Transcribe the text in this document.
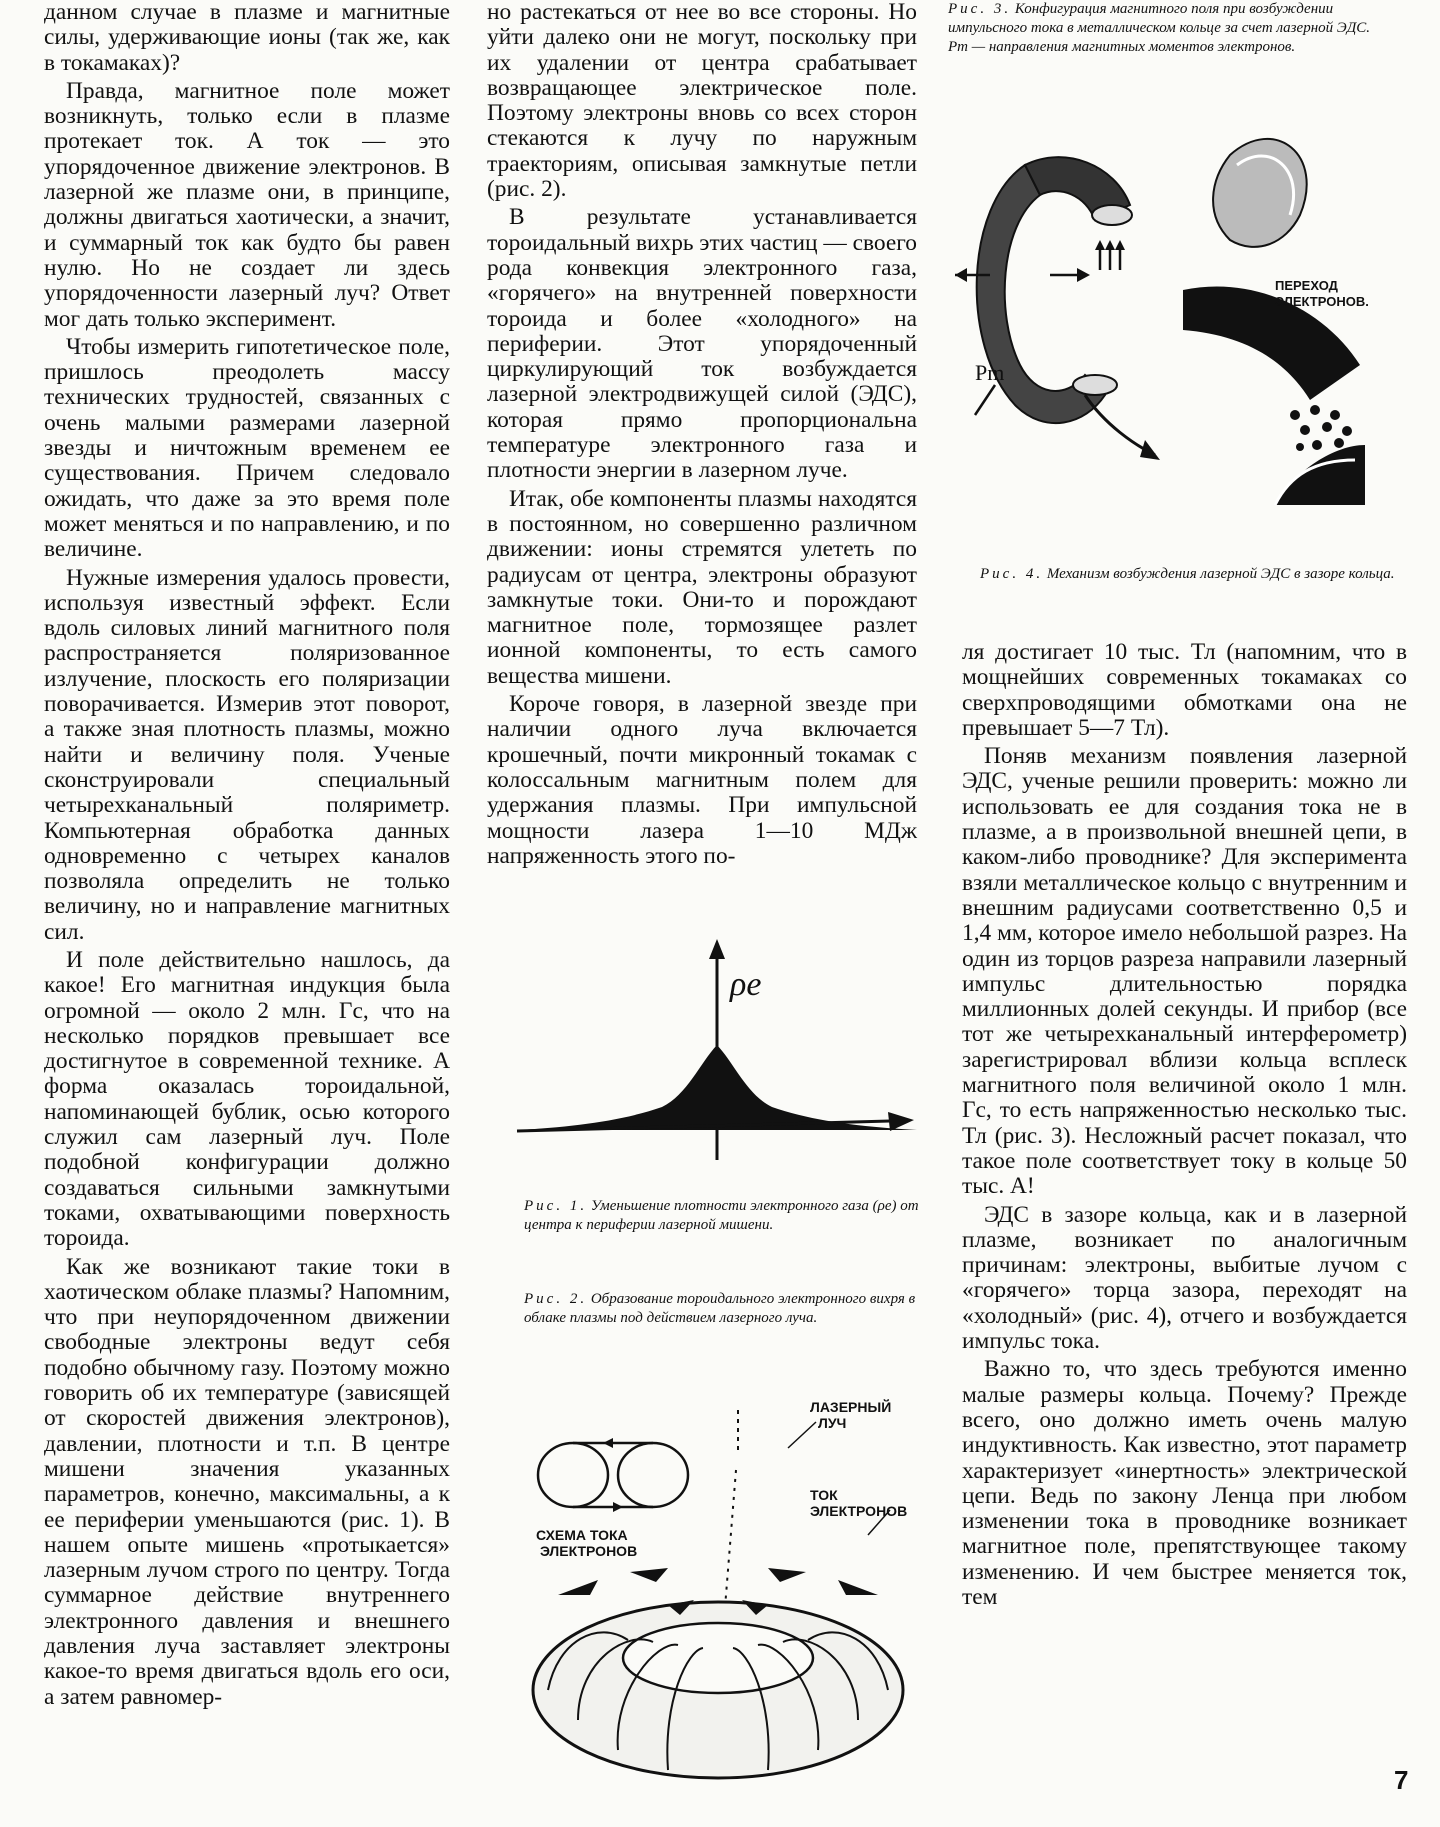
данном случае в плазме и магнитные силы, удерживающие ионы (так же, как в токамаках)?

Правда, магнитное поле может возникнуть, только если в плазме протекает ток. А ток — это упорядоченное движение электронов. В лазерной же плазме они, в принципе, должны двигаться хаотически, а значит, и суммарный ток как будто бы равен нулю. Но не создает ли здесь упорядоченности лазерный луч? Ответ мог дать только эксперимент.

Чтобы измерить гипотетическое поле, пришлось преодолеть массу технических трудностей, связанных с очень малыми размерами лазерной звезды и ничтожным временем ее существования. Причем следовало ожидать, что даже за это время поле может меняться и по направлению, и по величине.

Нужные измерения удалось провести, используя известный эффект. Если вдоль силовых линий магнитного поля распространяется поляризованное излучение, плоскость его поляризации поворачивается. Измерив этот поворот, а также зная плотность плазмы, можно найти и величину поля. Ученые сконструировали специальный четырехканальный поляриметр. Компьютерная обработка данных одновременно с четырех каналов позволяла определить не только величину, но и направление магнитных сил.

И поле действительно нашлось, да какое! Его магнитная индукция была огромной — около 2 млн. Гс, что на несколько порядков превышает все достигнутое в современной технике. А форма оказалась тороидальной, напоминающей бублик, осью которого служил сам лазерный луч. Поле подобной конфигурации должно создаваться сильными замкнутыми токами, охватывающими поверхность тороида.

Как же возникают такие токи в хаотическом облаке плазмы? Напомним, что при неупорядоченном движении свободные электроны ведут себя подобно обычному газу. Поэтому можно говорить об их температуре (зависящей от скоростей движения электронов), давлении, плотности и т.п. В центре мишени значения указанных параметров, конечно, максимальны, а к ее периферии уменьшаются (рис. 1). В нашем опыте мишень «протыкается» лазерным лучом строго по центру. Тогда суммарное действие внутреннего электронного давления и внешнего давления луча заставляет электроны какое-то время двигаться вдоль его оси, а затем равномер-

но растекаться от нее во все стороны. Но уйти далеко они не могут, поскольку при их удалении от центра срабатывает возвращающее электрическое поле. Поэтому электроны вновь со всех сторон стекаются к лучу по наружным траекториям, описывая замкнутые петли (рис. 2).

В результате устанавливается тороидальный вихрь этих частиц — своего рода конвекция электронного газа, «горячего» на внутренней поверхности тороида и более «холодного» на периферии. Этот упорядоченный циркулирующий ток возбуждается лазерной электродвижущей силой (ЭДС), которая прямо пропорциональна температуре электронного газа и плотности энергии в лазерном луче.

Итак, обе компоненты плазмы находятся в постоянном, но совершенно различном движении: ионы стремятся улететь по радиусам от центра, электроны образуют замкнутые токи. Они-то и порождают магнитное поле, тормозящее разлет ионной компоненты, то есть самого вещества мишени.

Короче говоря, в лазерной звезде при наличии одного луча включается крошечный, почти микронный токамак с колоссальным магнитным полем для удержания плазмы. При импульсной мощности лазера 1—10 МДж напряженность этого по-

ρе
Рис. 1. Уменьшение плотности электронного газа (ρe) от центра к периферии лазерной мишени.
Рис. 2. Образование тороидального электронного вихря в облаке плазмы под действием лазерного луча.
СХЕМА ТОКА
ЭЛЕКТРОНОВ
ЛАЗЕРНЫЙ
ЛУЧ
ТОК
ЭЛЕКТРОНОВ
Рис. 3. Конфигурация магнитного поля при возбуждении импульсного тока в металлическом кольце за счет лазерной ЭДС. Pm — направления магнитных моментов электронов.
Pm
ПЕРЕХОД
ЭЛЕКТРОНОВ.
Рис. 4. Механизм возбуждения лазерной ЭДС в зазоре кольца.

ля достигает 10 тыс. Тл (напомним, что в мощнейших современных токамаках со сверхпроводящими обмотками она не превышает 5—7 Тл).

Поняв механизм появления лазерной ЭДС, ученые решили проверить: можно ли использовать ее для создания тока не в плазме, а в произвольной внешней цепи, в каком-либо проводнике? Для эксперимента взяли металлическое кольцо с внутренним и внешним радиусами соответственно 0,5 и 1,4 мм, которое имело небольшой разрез. На один из торцов разреза направили лазерный импульс длительностью порядка миллионных долей секунды. И прибор (все тот же четырехканальный интерферометр) зарегистрировал вблизи кольца всплеск магнитного поля величиной около 1 млн. Гс, то есть напряженностью несколько тыс. Тл (рис. 3). Несложный расчет показал, что такое поле соответствует току в кольце 50 тыс. А!

ЭДС в зазоре кольца, как и в лазерной плазме, возникает по аналогичным причинам: электроны, выбитые лучом с «горячего» торца зазора, переходят на «холодный» (рис. 4), отчего и возбуждается импульс тока.

Важно то, что здесь требуются именно малые размеры кольца. Почему? Прежде всего, оно должно иметь очень малую индуктивность. Как известно, этот параметр характеризует «инертность» электрической цепи. Ведь по закону Ленца при любом изменении тока в проводнике возникает магнитное поле, препятствующее такому изменению. И чем быстрее меняется ток, тем

7
